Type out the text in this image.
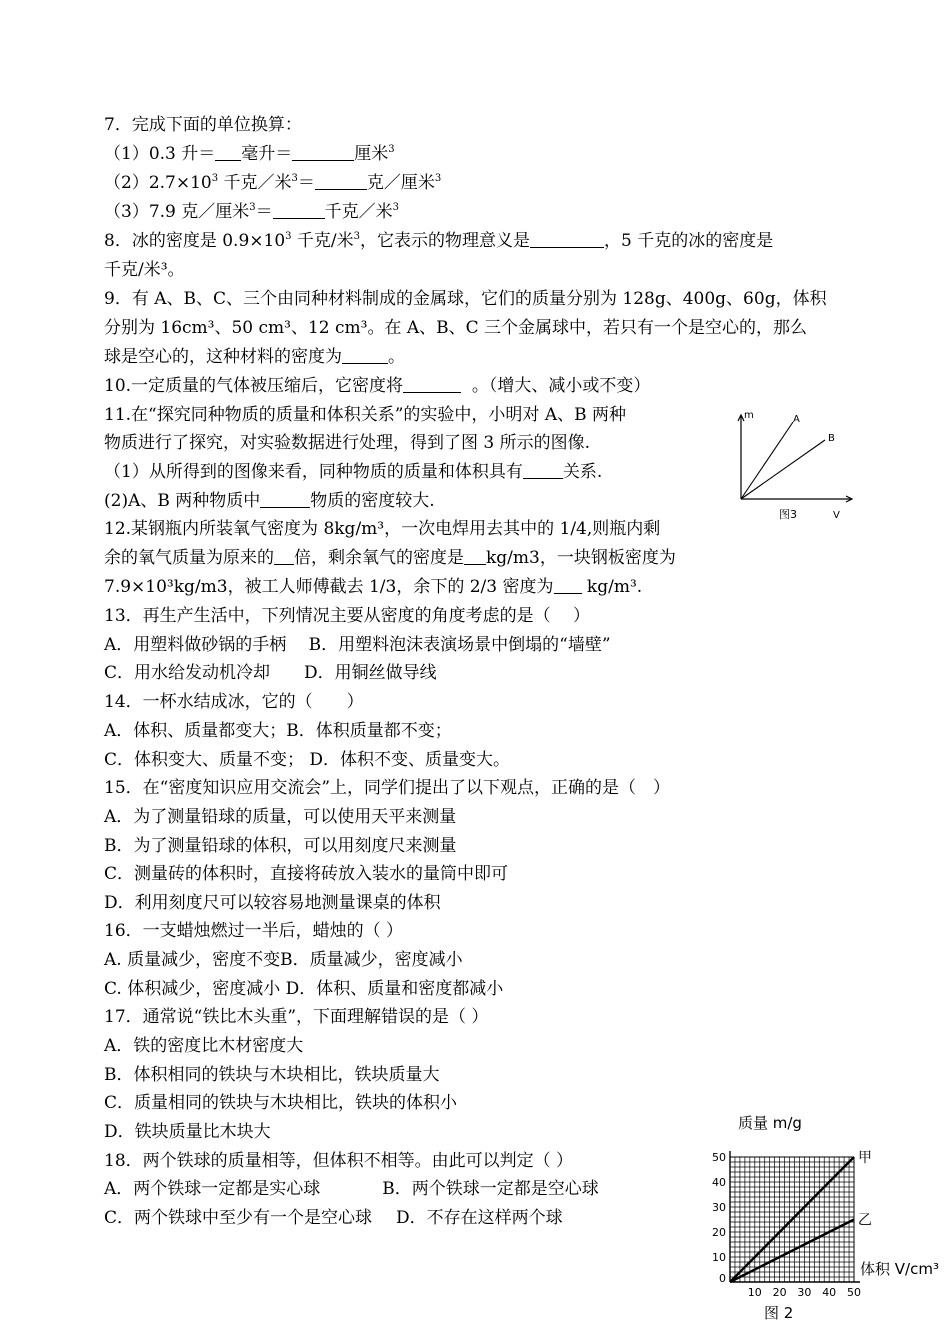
7．完成下面的单位换算：
（1）0.3 升＝ 毫升＝	厘米$^3$
$(2)2.7\times 10^3$ 千克／米$^3$＝	克／厘米$^3$
（3）7.9 克／厘米$^3$＝	千克／米$^3$
8．冰的密度是 $0.9\times 10^3$ 千克/米$^3$，它表示的物理意义是	，5 千克的冰的密度是
千克/米³。
9．有 A、B、C、三个由同种材料制成的金属球，它们的质量分别为 128g、400g、60g，体积
分别为 16cm³、50 cm³、12 cm³。在 A、B、C 三个金属球中，若只有一个是空心的，那么
球是空心的，这种材料的密度为	。
10.一定质量的气体被压缩后，它密度将	。（增大、减小或不变）
11.在“探究同种物质的质量和体积关系”的实验中，小明对 A、B 两种
物质进行了探究，对实验数据进行处理，得到了图 3 所示的图像.
（1）从所得到的图像来看，同种物质的质量和体积具有 关系.
(2)A、B 两种物质中	物质的密度较大.
12.某钢瓶内所装氧气密度为 8kg/m³，一次电焊用去其中的 1/4,则瓶内剩
余的氧气质量为原来的 倍，剩余氧气的密度是 kg/m3，一块钢板密度为
7.9×10³kg/m3，被工人师傅截去 1/3，余下的 2/3 密度为 kg/m³.
13．再生产生活中，下列情况主要从密度的角度考虑的是（　 ）
A．用塑料做砂锅的手柄　 B．用塑料泡沫表演场景中倒塌的“墙壁”
C．用水给发动机冷却　　D．用铜丝做导线
14．一杯水结成冰，它的（　　）
A．体积、质量都变大；B．体积质量都不变；
C．体积变大、质量不变； D．体积不变、质量变大。
15．在“密度知识应用交流会”上，同学们提出了以下观点，正确的是（　）
A．为了测量铅球的质量，可以使用天平来测量
B．为了测量铅球的体积，可以用刻度尺来测量
C．测量砖的体积时，直接将砖放入装水的量筒中即可
D．利用刻度尺可以较容易地测量课桌的体积
16．一支蜡烛燃过一半后，蜡烛的（ ）
A. 质量减少，密度不变B．质量减少，密度减小
C. 体积减少，密度减小 D．体积、质量和密度都减小
17．通常说“铁比木头重”，下面理解错误的是（ ）
A．铁的密度比木材密度大
B．体积相同的铁块与木块相比，铁块质量大
C．质量相同的铁块与木块相比，铁块的体积小
D．铁块质量比木块大
18．两个铁球的质量相等，但体积不相等。由此可以判定（ ）
A．两个铁球一定都是实心球	B．两个铁球一定都是空心球
C．两个铁球中至少有一个是空心球 D．不存在这样两个球
m	A
B
图3	V
质量 m/g
体积 V/cm³
0
10
20
30
40
50
10 20 30 40 50
甲
乙
图 2
